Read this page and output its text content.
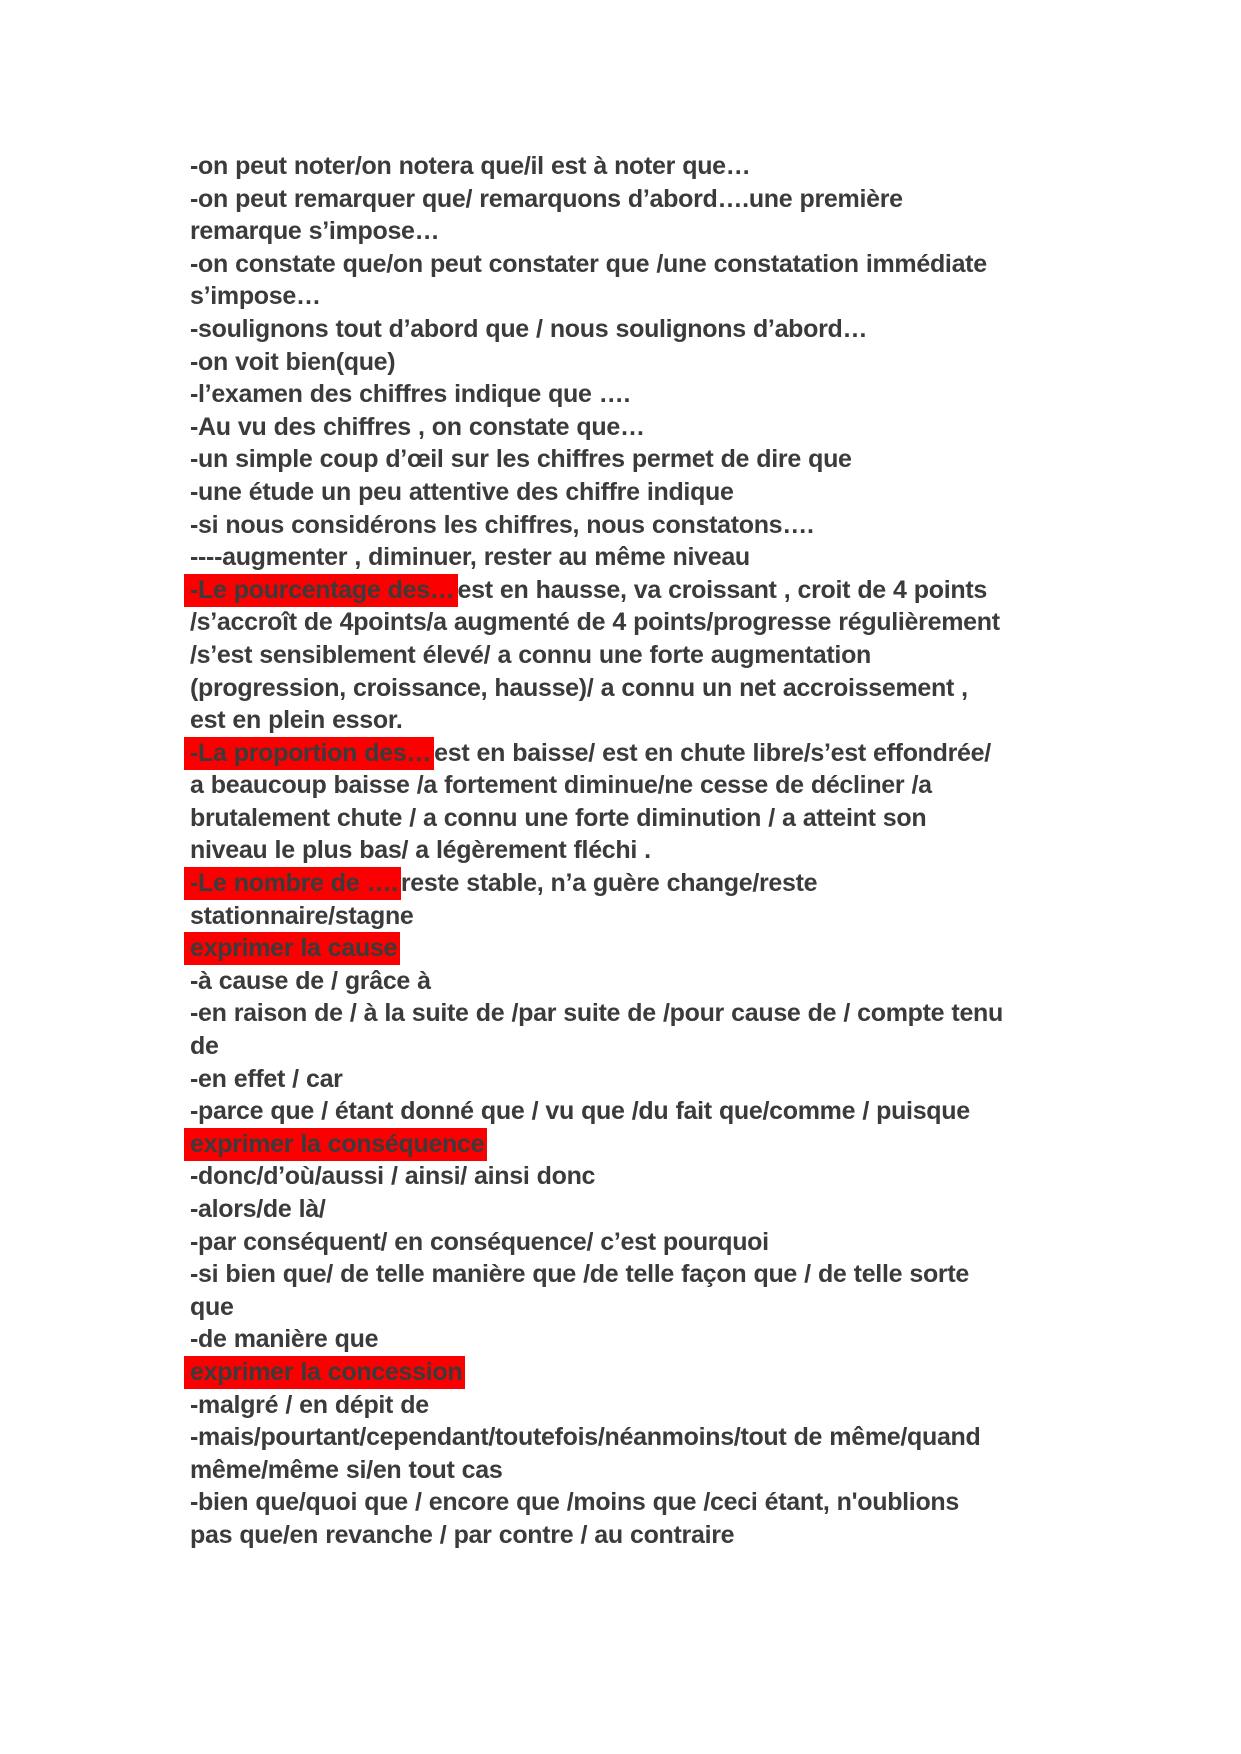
-on peut noter/on notera que/il est à noter que…

-on peut remarquer que/ remarquons d’abord….une première remarque s’impose…

-on constate que/on peut constater que /une constatation immédiate s’impose…

-soulignons tout d’abord que / nous soulignons d’abord…

-on voit bien(que)

-l’examen des chiffres indique que ….

-Au vu des chiffres , on constate que…

-un simple coup d’œil sur les chiffres permet de dire que

-une étude un peu attentive des chiffre indique

-si nous considérons les chiffres, nous constatons….

----augmenter , diminuer, rester au même niveau

-Le pourcentage des… est en hausse, va croissant , croit de 4 points /s’accroît de 4points/a augmenté de 4 points/progresse régulièrement /s’est sensiblement élevé/ a connu une forte augmentation (progression, croissance, hausse)/ a connu un net accroissement , est en plein essor.

-La proportion des… est en baisse/ est en chute libre/s’est effondrée/ a beaucoup baisse /a fortement diminue/ne cesse de décliner /a brutalement chute / a connu une forte diminution / a atteint son niveau le plus bas/ a légèrement fléchi .

-Le nombre de …. reste stable, n’a guère change/reste stationnaire/stagne

exprimer la cause

-à cause de / grâce à

-en raison de / à la suite de /par suite de /pour cause de / compte tenu de

-en effet / car

-parce que / étant donné que / vu que /du fait que/comme / puisque

exprimer la conséquence

-donc/d’où/aussi / ainsi/ ainsi donc

-alors/de là/

-par conséquent/ en conséquence/ c’est pourquoi

-si bien que/ de telle manière que /de telle façon que / de telle sorte que

-de manière que

exprimer la concession

-malgré / en dépit de

-mais/pourtant/cependant/toutefois/néanmoins/tout de même/quand même/même si/en tout cas

-bien que/quoi que / encore que /moins que /ceci étant, n'oublions pas que/en revanche / par contre / au contraire
